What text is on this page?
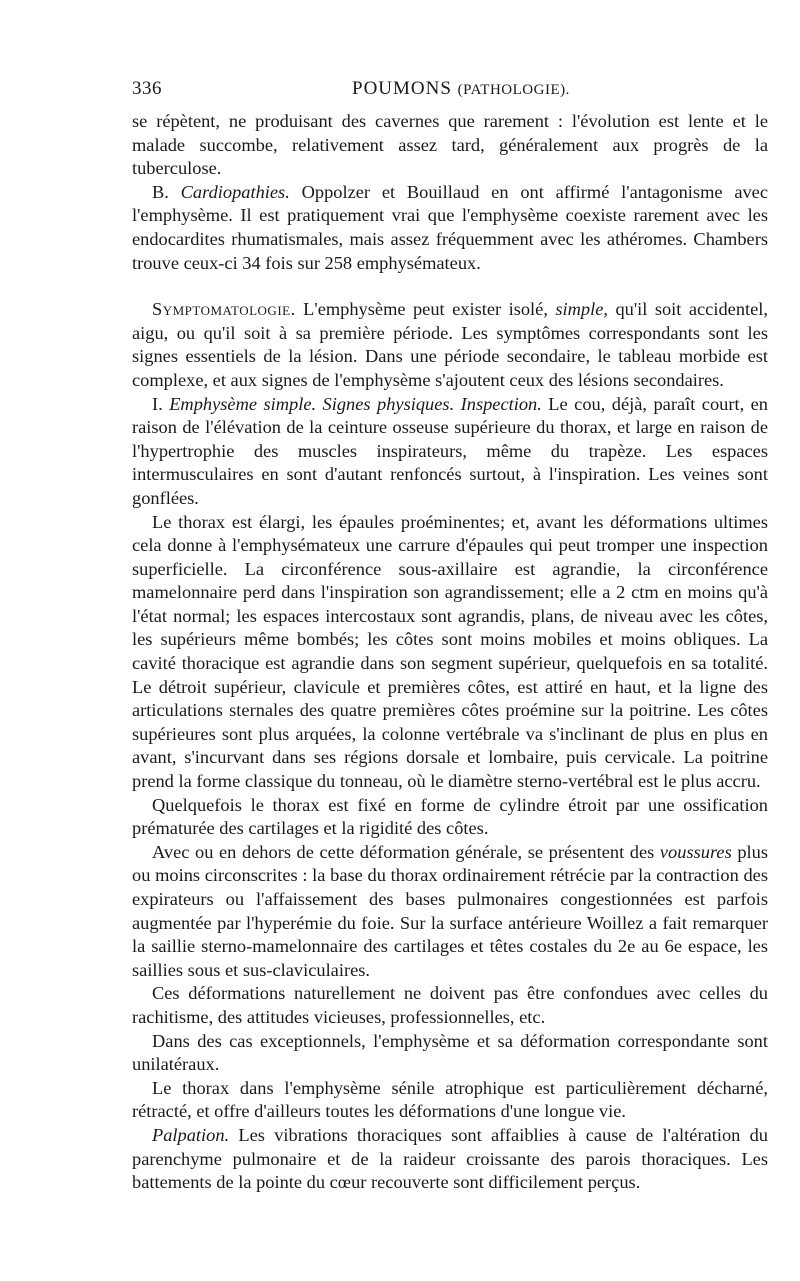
336	POUMONS (PATHOLOGIE).

se répètent, ne produisant des cavernes que rarement : l'évolution est lente et le malade succombe, relativement assez tard, généralement aux progrès de la tuberculose.

B. Cardiopathies. Oppolzer et Bouillaud en ont affirmé l'antagonisme avec l'emphysème. Il est pratiquement vrai que l'emphysème coexiste rarement avec les endocardites rhumatismales, mais assez fréquemment avec les athéromes. Chambers trouve ceux-ci 34 fois sur 258 emphysémateux.

Symptomatologie. L'emphysème peut exister isolé, simple, qu'il soit accidentel, aigu, ou qu'il soit à sa première période. Les symptômes correspondants sont les signes essentiels de la lésion. Dans une période secondaire, le tableau morbide est complexe, et aux signes de l'emphysème s'ajoutent ceux des lésions secondaires.

I. Emphysème simple. Signes physiques. Inspection. Le cou, déjà, paraît court, en raison de l'élévation de la ceinture osseuse supérieure du thorax, et large en raison de l'hypertrophie des muscles inspirateurs, même du trapèze. Les espaces intermusculaires en sont d'autant renfoncés surtout, à l'inspiration. Les veines sont gonflées.

Le thorax est élargi, les épaules proéminentes; et, avant les déformations ultimes cela donne à l'emphysémateux une carrure d'épaules qui peut tromper une inspection superficielle. La circonférence sous-axillaire est agrandie, la circonférence mamelonnaire perd dans l'inspiration son agrandissement; elle a 2 ctm en moins qu'à l'état normal; les espaces intercostaux sont agrandis, plans, de niveau avec les côtes, les supérieurs même bombés; les côtes sont moins mobiles et moins obliques. La cavité thoracique est agrandie dans son segment supérieur, quelquefois en sa totalité. Le détroit supérieur, clavicule et premières côtes, est attiré en haut, et la ligne des articulations sternales des quatre premières côtes proémine sur la poitrine. Les côtes supérieures sont plus arquées, la colonne vertébrale va s'inclinant de plus en plus en avant, s'incurvant dans ses régions dorsale et lombaire, puis cervicale. La poitrine prend la forme classique du tonneau, où le diamètre sterno-vertébral est le plus accru.

Quelquefois le thorax est fixé en forme de cylindre étroit par une ossification prématurée des cartilages et la rigidité des côtes.

Avec ou en dehors de cette déformation générale, se présentent des voussures plus ou moins circonscrites : la base du thorax ordinairement rétrécie par la contraction des expirateurs ou l'affaissement des bases pulmonaires congestionnées est parfois augmentée par l'hyperémie du foie. Sur la surface antérieure Woillez a fait remarquer la saillie sterno-mamelonnaire des cartilages et têtes costales du 2e au 6e espace, les saillies sous et sus-claviculaires.

Ces déformations naturellement ne doivent pas être confondues avec celles du rachitisme, des attitudes vicieuses, professionnelles, etc.

Dans des cas exceptionnels, l'emphysème et sa déformation correspondante sont unilatéraux.

Le thorax dans l'emphysème sénile atrophique est particulièrement décharné, rétracté, et offre d'ailleurs toutes les déformations d'une longue vie.

Palpation. Les vibrations thoraciques sont affaiblies à cause de l'altération du parenchyme pulmonaire et de la raideur croissante des parois thoraciques. Les battements de la pointe du cœur recouverte sont difficilement perçus.
